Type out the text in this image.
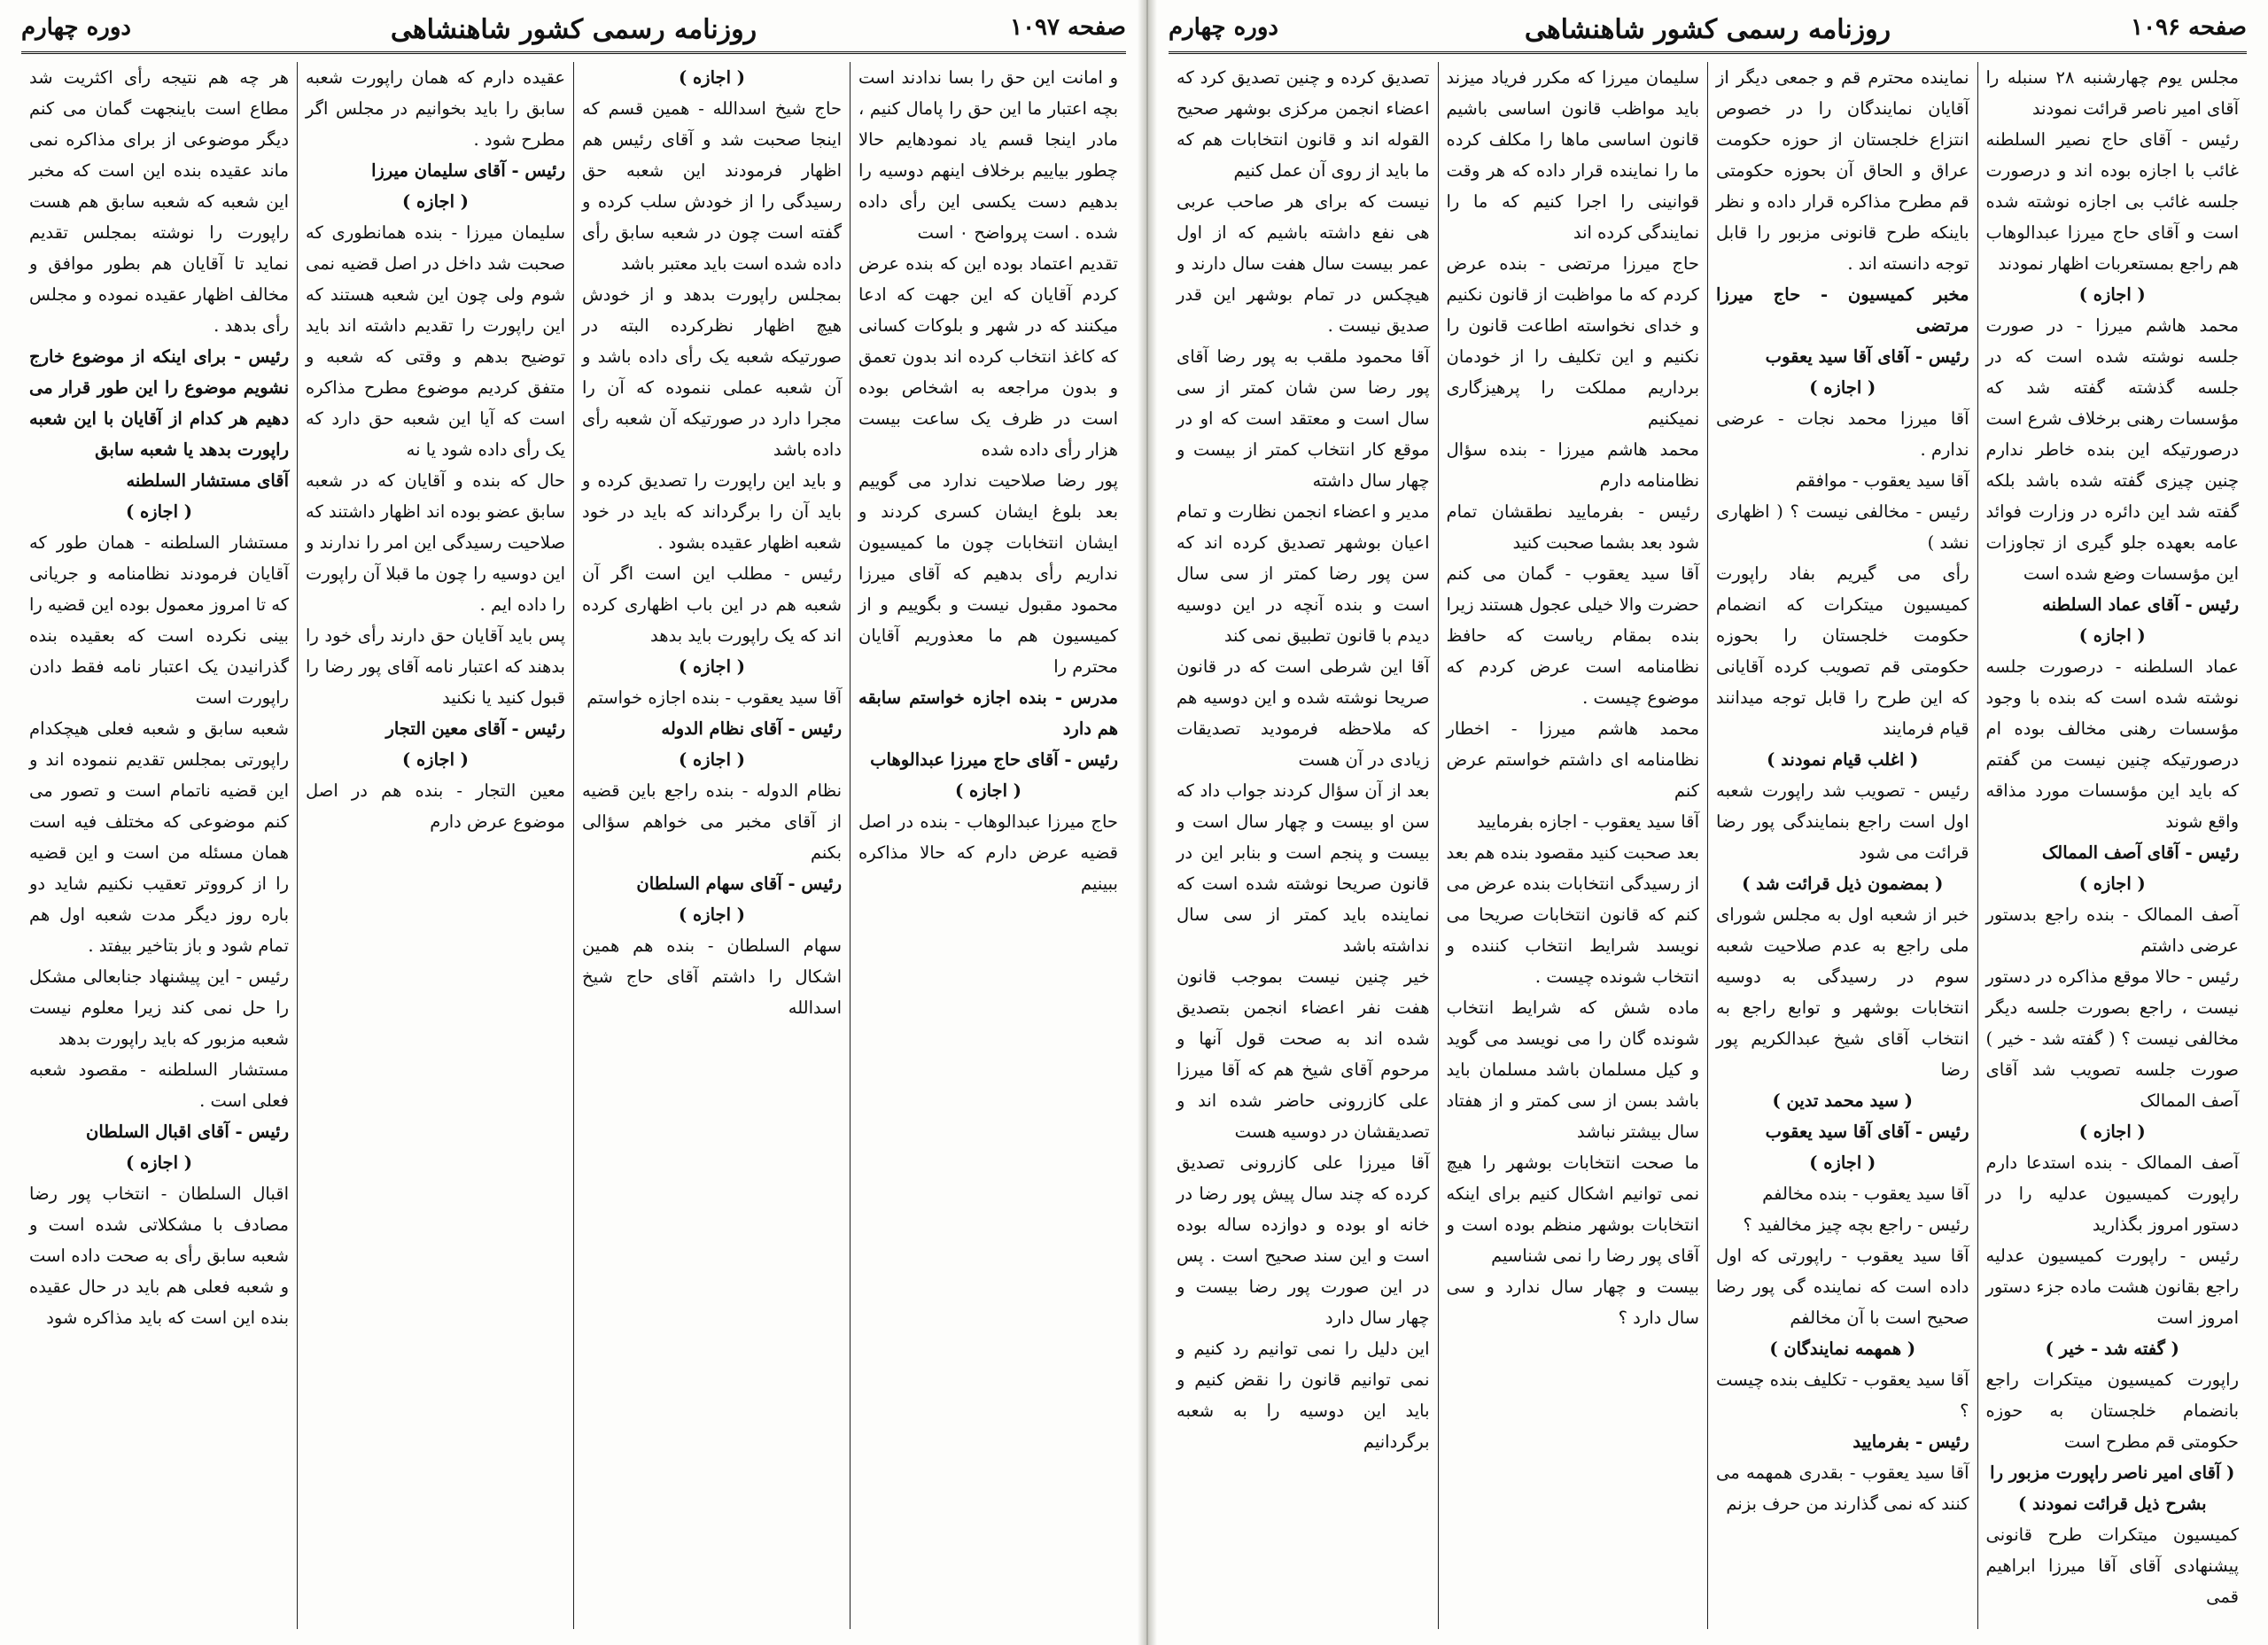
صفحه ۱۰۹۷
روزنامه رسمی کشور شاهنشاهی
دوره چهارم

و امانت این حق را بسا ندادند است بچه اعتبار ما این حق را پامال کنیم ، مادر اینجا قسم یاد نمودهایم حالا چطور بیاییم برخلاف اینهم دوسیه را بدهیم دست یکسی این رأی داده شده . است پرواضح ۰ است

تقدیم اعتماد بوده این که بنده عرض کردم آقایان که این جهت که ادعا میکنند که در شهر و بلوکات کسانی که کاغذ انتخاب کرده اند بدون تعمق و بدون مراجعه به اشخاص بوده است در ظرف یک ساعت بیست هزار رأی داده شده

پور رضا صلاحیت ندارد می گوییم بعد بلوغ ایشان کسری کردند و ایشان انتخابات چون ما کمیسیون نداریم رأی بدهیم که آقای میرزا محمود مقبول نیست و بگوییم و از کمیسیون هم ما معذوریم آقایان محترم را

مدرس - بنده اجازه خواستم سابقه هم دارد

رئیس - آقای حاج میرزا عبدالوهاب

( اجازه )

حاج میرزا عبدالوهاب - بنده در اصل قضیه عرض دارم که حالا مذاکره ببینیم

( اجازه )

حاج شیخ اسدالله - همین قسم که اینجا صحبت شد و آقای رئیس هم اظهار فرمودند این شعبه حق رسیدگی را از خودش سلب کرده و گفته است چون در شعبه سابق رأی داده شده است باید معتبر باشد

بمجلس راپورت بدهد و از خودش هیچ اظهار نظرکرده البته در صورتیکه شعبه یک رأی داده باشد و آن شعبه عملی ننموده که آن را مجرا دارد در صورتیکه آن شعبه رأی داده باشد

و باید این راپورت را تصدیق کرده و باید آن را برگرداند که باید در خود شعبه اظهار عقیده بشود .

رئیس - مطلب این است اگر آن شعبه هم در این باب اظهاری کرده اند که یک راپورت باید بدهد

( اجازه )

آقا سید یعقوب - بنده اجازه خواستم

رئیس - آقای نظام الدوله

( اجازه )

نظام الدوله - بنده راجع باین قضیه از آقای مخبر می خواهم سؤالی بکنم

رئیس - آقای سهام السلطان

( اجازه )

سهام السلطان - بنده هم همین اشکال را داشتم آقای حاج شیخ اسدالله

عقیده دارم که همان راپورت شعبه سابق را باید بخوانیم در مجلس اگر مطرح شود .

رئیس - آقای سلیمان میرزا

( اجازه )

سلیمان میرزا - بنده همانطوری که صحبت شد داخل در اصل قضیه نمی شوم ولی چون این شعبه هستند که این راپورت را تقدیم داشته اند باید توضیح بدهم و وقتی که شعبه و متفق کردیم موضوع مطرح مذاکره است که آیا این شعبه حق دارد که یک رأی داده شود یا نه

حال که بنده و آقایان که در شعبه سابق عضو بوده اند اظهار داشتند که صلاحیت رسیدگی این امر را ندارند و این دوسیه را چون ما قبلا آن راپورت را داده ایم .

پس باید آقایان حق دارند رأی خود را بدهند که اعتبار نامه آقای پور رضا را قبول کنید یا نکنید

رئیس - آقای معین التجار

( اجازه )

معین التجار - بنده هم در اصل موضوع عرض دارم

هر چه هم نتیجه رأی اکثریت شد مطاع است باینجهت گمان می کنم دیگر موضوعی از برای مذاکره نمی ماند عقیده بنده این است که مخبر این شعبه که شعبه سابق هم هست راپورت را نوشته بمجلس تقدیم نماید تا آقایان هم بطور موافق و مخالف اظهار عقیده نموده و مجلس رأی بدهد .

رئیس - برای اینکه از موضوع خارج نشویم موضوع را این طور قرار می دهیم هر کدام از آقایان با این شعبه راپورت بدهد یا شعبه سابق

آقای مستشار السلطنه

( اجازه )

مستشار السلطنه - همان طور که آقایان فرمودند نظامنامه و جریانی که تا امروز معمول بوده این قضیه را بینی نکرده است که بعقیده بنده گذرانیدن یک اعتبار نامه فقط دادن راپورت است

شعبه سابق و شعبه فعلی هیچکدام راپورتی بمجلس تقدیم ننموده اند و این قضیه ناتمام است و تصور می کنم موضوعی که مختلف فیه است همان مسئله من است و این قضیه را از کرووتر تعقیب نکنیم شاید دو باره روز دیگر مدت شعبه اول هم تمام شود و باز بتاخیر بیفتد .

رئیس - این پیشنهاد جنابعالی مشکل را حل نمی کند زیرا معلوم نیست شعبه مزبور که باید راپورت بدهد

مستشار السلطنه - مقصود شعبه فعلی است .

رئیس - آقای اقبال السلطان

( اجازه )

اقبال السلطان - انتخاب پور رضا مصادف با مشکلاتی شده است و شعبه سابق رأی به صحت داده است و شعبه فعلی هم باید در حال عقیده بنده این است که باید مذاکره شود

صفحه ۱۰۹۶
روزنامه رسمی کشور شاهنشاهی
دوره چهارم

مجلس یوم چهارشنبه ۲۸ سنبله را آقای امیر ناصر قرائت نمودند

رئیس - آقای حاج نصیر السلطنه غائب با اجازه بوده اند و درصورت جلسه غائب بی اجازه نوشته شده است و آقای حاج میرزا عبدالوهاب هم راجع بمستعربات اظهار نمودند

( اجازه )

محمد هاشم میرزا - در صورت جلسه نوشته شده است که در جلسه گذشته گفته شد که مؤسسات رهنی برخلاف شرع است درصورتیکه این بنده خاطر ندارم چنین چیزی گفته شده باشد بلکه گفته شد این دائره در وزارت فوائد عامه بعهده جلو گیری از تجاوزات این مؤسسات وضع شده است

رئیس - آقای عماد السلطنه

( اجازه )

عماد السلطنه - درصورت جلسه نوشته شده است که بنده با وجود مؤسسات رهنی مخالف بوده ام درصورتیکه چنین نیست من گفتم که باید این مؤسسات مورد مذاقه واقع شوند

رئیس - آقای آصف الممالک

( اجازه )

آصف الممالک - بنده راجع بدستور عرضی داشتم

رئیس - حالا موقع مذاکره در دستور نیست ، راجع بصورت جلسه دیگر مخالفی نیست ؟ ( گفته شد - خیر ) صورت جلسه تصویب شد آقای آصف الممالک

( اجازه )

آصف الممالک - بنده استدعا دارم راپورت کمیسیون عدلیه را در دستور امروز بگذارید

رئیس - راپورت کمیسیون عدلیه راجع بقانون هشت ماده جزء دستور امروز است

( گفته شد - خیر )

راپورت کمیسیون میتکرات راجع بانضمام خلجستان به حوزه حکومتی قم مطرح است

( آقای امیر ناصر راپورت مزبور را بشرح ذیل قرائت نمودند )

کمیسیون میتکرات طرح قانونی پیشنهادی آقای آقا میرزا ابراهیم قمی

نماینده محترم قم و جمعی دیگر از آقایان نمایندگان را در خصوص انتزاع خلجستان از حوزه حکومت عراق و الحاق آن بحوزه حکومتی قم مطرح مذاکره قرار داده و نظر باینکه طرح قانونی مزبور را قابل توجه دانسته اند .

مخبر کمیسیون - حاج میرزا مرتضی

رئیس - آقای آقا سید یعقوب

( اجازه )

آقا میرزا محمد نجات - عرضی ندارم .

آقا سید یعقوب - موافقم

رئیس - مخالفی نیست ؟ ( اظهاری نشد )

رأی می گیریم بفاد راپورت کمیسیون میتکرات که انضمام حکومت خلجستان را بحوزه حکومتی قم تصویب کرده آقایانی که این طرح را قابل توجه میدانند قیام فرمایند

( اغلب قیام نمودند )

رئیس - تصویب شد راپورت شعبه اول است راجع بنمایندگی پور رضا قرائت می شود

( بمضمون ذیل قرائت شد )

خبر از شعبه اول به مجلس شورای ملی راجع به عدم صلاحیت شعبه سوم در رسیدگی به دوسیه انتخابات بوشهر و توابع راجع به انتخاب آقای شیخ عبدالکریم پور رضا

( سید محمد تدین )

رئیس - آقای آقا سید یعقوب

( اجازه )

آقا سید یعقوب - بنده مخالفم

رئیس - راجع بچه چیز مخالفید ؟

آقا سید یعقوب - راپورتی که اول داده است که نماینده گی پور رضا صحیح است با آن مخالفم

( همهمه نمایندگان )

آقا سید یعقوب - تکلیف بنده چیست ؟

رئیس - بفرمایید

آقا سید یعقوب - بقدری همهمه می کنند که نمی گذارند من حرف بزنم

سلیمان میرزا که مکرر فریاد میزند باید مواظب قانون اساسی باشیم قانون اساسی ماها را مکلف کرده ما را نماینده قرار داده که هر وقت قوانینی را اجرا کنیم که ما را نمایندگی کرده اند

حاج میرزا مرتضی - بنده عرض کردم که ما مواظبت از قانون نکنیم و خدای نخواسته اطاعت قانون را نکنیم و این تکلیف را از خودمان برداریم مملکت را پرهیزگاری نمیکنیم

محمد هاشم میرزا - بنده سؤال نظامنامه دارم

رئیس - بفرمایید نطقشان تمام شود بعد بشما صحبت کنید

آقا سید یعقوب - گمان می کنم حضرت والا خیلی عجول هستند زیرا بنده بمقام ریاست که حافظ نظامنامه است عرض کردم که موضوع چیست .

محمد هاشم میرزا - اخطار نظامنامه ای داشتم خواستم عرض کنم

آقا سید یعقوب - اجازه بفرمایید

بعد صحبت کنید مقصود بنده هم بعد از رسیدگی انتخابات بنده عرض می کنم که قانون انتخابات صریحا می نویسد شرایط انتخاب کننده و انتخاب شونده چیست .

ماده شش که شرایط انتخاب شونده گان را می نویسد می گوید و کیل مسلمان باشد مسلمان باید باشد بسن از سی کمتر و از هفتاد سال بیشتر نباشد

ما صحت انتخابات بوشهر را هیچ نمی توانیم اشکال کنیم برای اینکه انتخابات بوشهر منظم بوده است و آقای پور رضا را نمی شناسیم

بیست و چهار سال ندارد و سی سال دارد ؟

تصدیق کرده و چنین تصدیق کرد که اعضاء انجمن مرکزی بوشهر صحیح القوله اند و قانون انتخابات هم که ما باید از روی آن عمل کنیم

نیست که برای هر صاحب عربی هی نفع داشته باشیم که از اول عمر بیست سال هفت سال دارند و هیچکس در تمام بوشهر این قدر صدیق نیست .

آقا محمود ملقب به پور رضا آقای پور رضا سن شان کمتر از سی سال است و معتقد است که او در موقع کار انتخاب کمتر از بیست و چهار سال داشته

مدیر و اعضاء انجمن نظارت و تمام اعیان بوشهر تصدیق کرده اند که سن پور رضا کمتر از سی سال است و بنده آنچه در این دوسیه دیدم با قانون تطبیق نمی کند

آقا این شرطی است که در قانون صریحا نوشته شده و این دوسیه هم که ملاحظه فرمودید تصدیقات زیادی در آن هست

بعد از آن سؤال کردند جواب داد که سن او بیست و چهار سال است و بیست و پنجم است و بنابر این در قانون صریحا نوشته شده است که نماینده باید کمتر از سی سال نداشته باشد

خیر چنین نیست بموجب قانون هفت نفر اعضاء انجمن بتصدیق شده اند به صحت قول آنها و مرحوم آقای شیخ هم که آقا میرزا علی کازرونی حاضر شده اند و تصدیقشان در دوسیه هست

آقا میرزا علی کازرونی تصدیق کرده که چند سال پیش پور رضا در خانه او بوده و دوازده ساله بوده است و این سند صحیح است . پس در این صورت پور رضا بیست و چهار سال دارد

این دلیل را نمی توانیم رد کنیم و نمی توانیم قانون را نقض کنیم و باید این دوسیه را به شعبه برگردانیم
